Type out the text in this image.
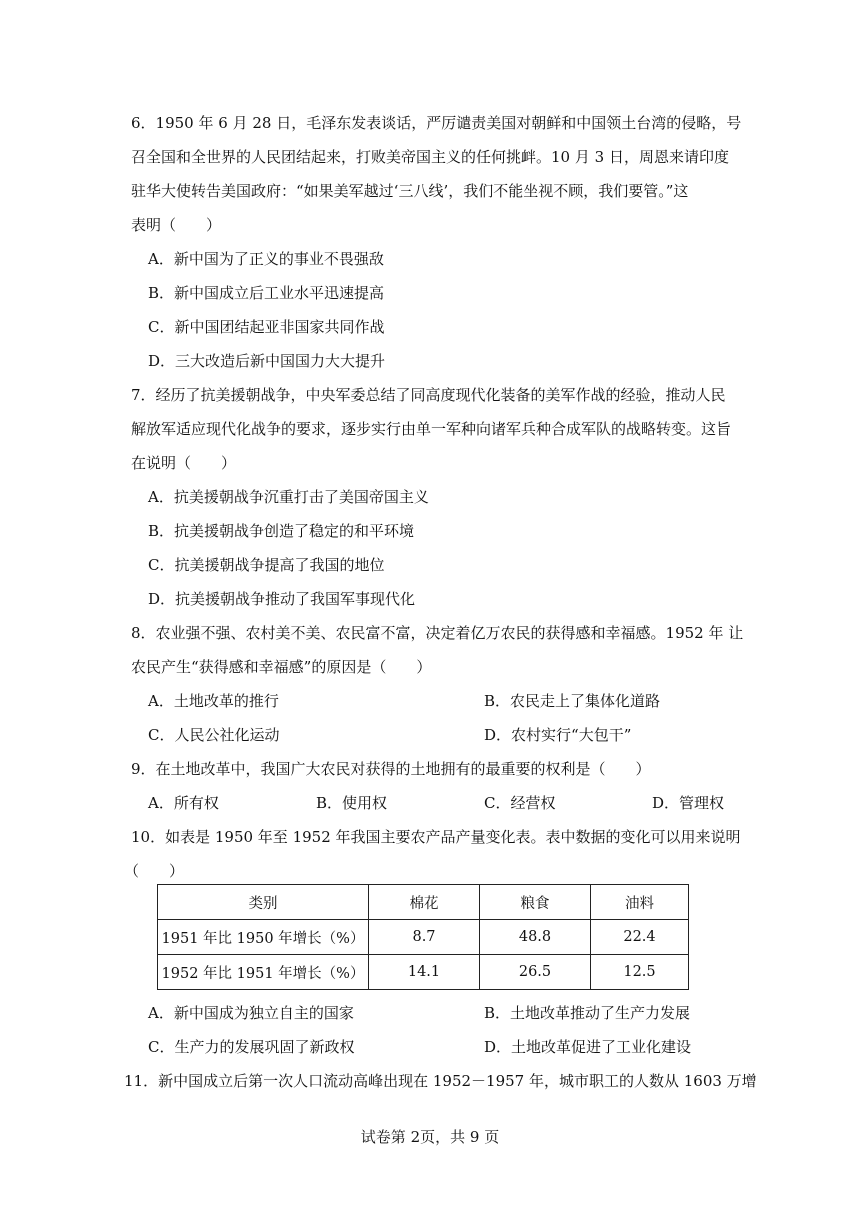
6．1950 年 6 月 28 日，毛泽东发表谈话，严厉谴责美国对朝鲜和中国领土台湾的侵略，号
召全国和全世界的人民团结起来，打败美帝国主义的任何挑衅。10 月 3 日，周恩来请印度
驻华大使转告美国政府：“如果美军越过‘三八线’，我们不能坐视不顾，我们要管。”这
表明（　　）
A．新中国为了正义的事业不畏强敌
B．新中国成立后工业水平迅速提高
C．新中国团结起亚非国家共同作战
D．三大改造后新中国国力大大提升
7．经历了抗美援朝战争，中央军委总结了同高度现代化装备的美军作战的经验，推动人民
解放军适应现代化战争的要求，逐步实行由单一军种向诸军兵种合成军队的战略转变。这旨
在说明（　　）
A．抗美援朝战争沉重打击了美国帝国主义
B．抗美援朝战争创造了稳定的和平环境
C．抗美援朝战争提高了我国的地位
D．抗美援朝战争推动了我国军事现代化
8．农业强不强、农村美不美、农民富不富，决定着亿万农民的获得感和幸福感。1952 年 让
农民产生“获得感和幸福感”的原因是（　　）
A．土地改革的推行	B．农民走上了集体化道路
C．人民公社化运动	D．农村实行“大包干”
9．在土地改革中，我国广大农民对获得的土地拥有的最重要的权利是（　　）
A．所有权	B．使用权	C．经营权	D．管理权
10．如表是 1950 年至 1952 年我国主要农产品产量变化表。表中数据的变化可以用来说明
（　　）
类别	棉花	粮食	油料
1951 年比 1950 年增长（%）	8.7	48.8	22.4
1952 年比 1951 年增长（%）	14.1	26.5	12.5
A．新中国成为独立自主的国家	B．土地改革推动了生产力发展
C．生产力的发展巩固了新政权	D．土地改革促进了工业化建设
11．新中国成立后第一次人口流动高峰出现在 1952－1957 年，城市职工的人数从 1603 万增
试卷第 2页，共 9 页
